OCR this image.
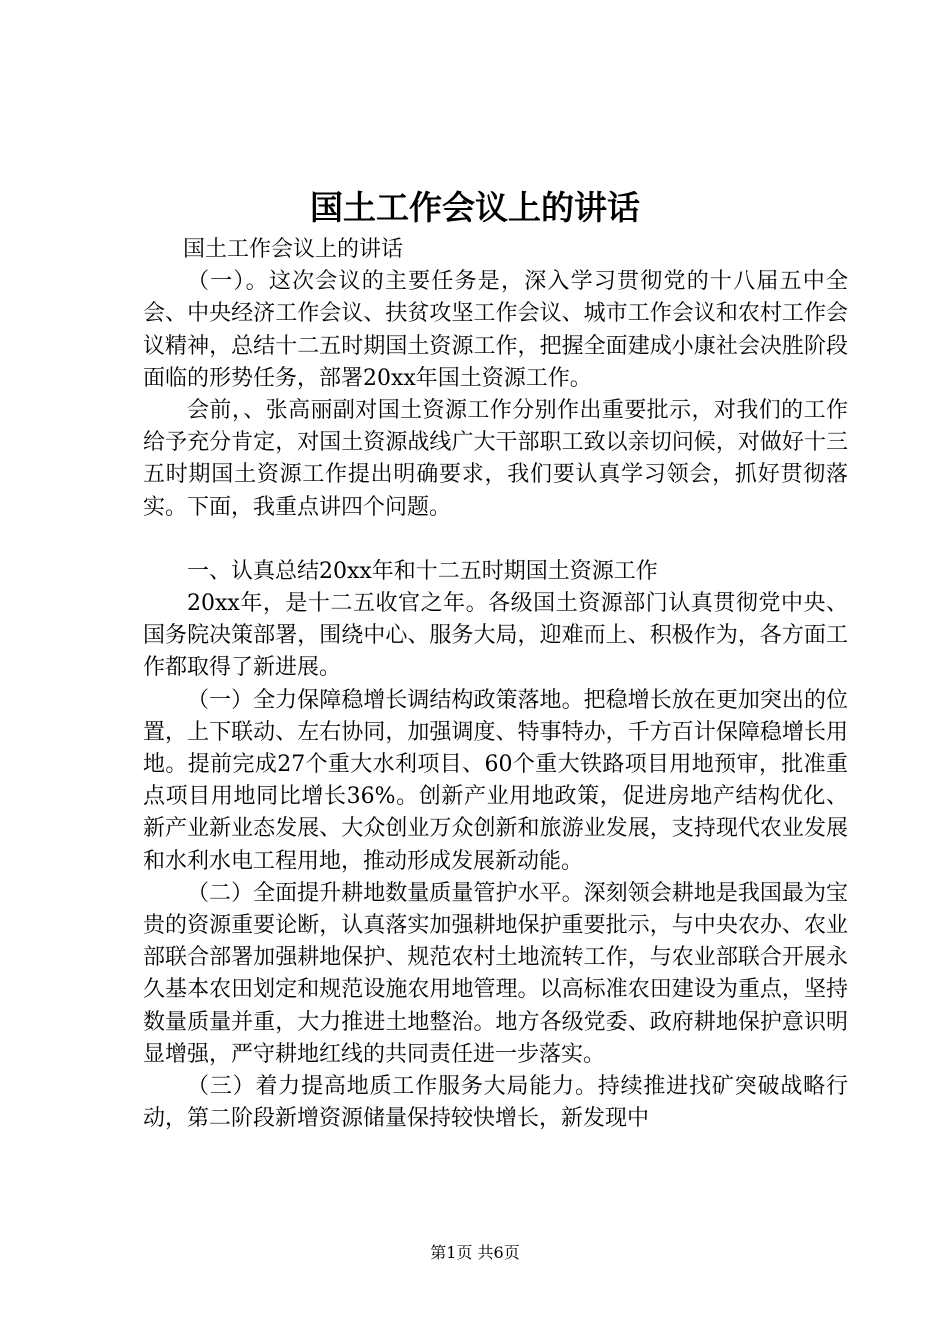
国土工作会议上的讲话

国土工作会议上的讲话

（一）。这次会议的主要任务是，深入学习贯彻党的十八届五中全会、中央经济工作会议、扶贫攻坚工作会议、城市工作会议和农村工作会议精神，总结十二五时期国土资源工作，把握全面建成小康社会决胜阶段面临的形势任务，部署20xx年国土资源工作。

会前，、张高丽副对国土资源工作分别作出重要批示，对我们的工作给予充分肯定，对国土资源战线广大干部职工致以亲切问候，对做好十三五时期国土资源工作提出明确要求，我们要认真学习领会，抓好贯彻落实。下面，我重点讲四个问题。

一、认真总结20xx年和十二五时期国土资源工作

20xx年，是十二五收官之年。各级国土资源部门认真贯彻党中央、国务院决策部署，围绕中心、服务大局，迎难而上、积极作为，各方面工作都取得了新进展。

（一）全力保障稳增长调结构政策落地。把稳增长放在更加突出的位置，上下联动、左右协同，加强调度、特事特办，千方百计保障稳增长用地。提前完成27个重大水利项目、60个重大铁路项目用地预审，批准重点项目用地同比增长36%。创新产业用地政策，促进房地产结构优化、新产业新业态发展、大众创业万众创新和旅游业发展，支持现代农业发展和水利水电工程用地，推动形成发展新动能。

（二）全面提升耕地数量质量管护水平。深刻领会耕地是我国最为宝贵的资源重要论断，认真落实加强耕地保护重要批示，与中央农办、农业部联合部署加强耕地保护、规范农村土地流转工作，与农业部联合开展永久基本农田划定和规范设施农用地管理。以高标准农田建设为重点，坚持数量质量并重，大力推进土地整治。地方各级党委、政府耕地保护意识明显增强，严守耕地红线的共同责任进一步落实。

（三）着力提高地质工作服务大局能力。持续推进找矿突破战略行动，第二阶段新增资源储量保持较快增长，新发现中

第1页 共6页
